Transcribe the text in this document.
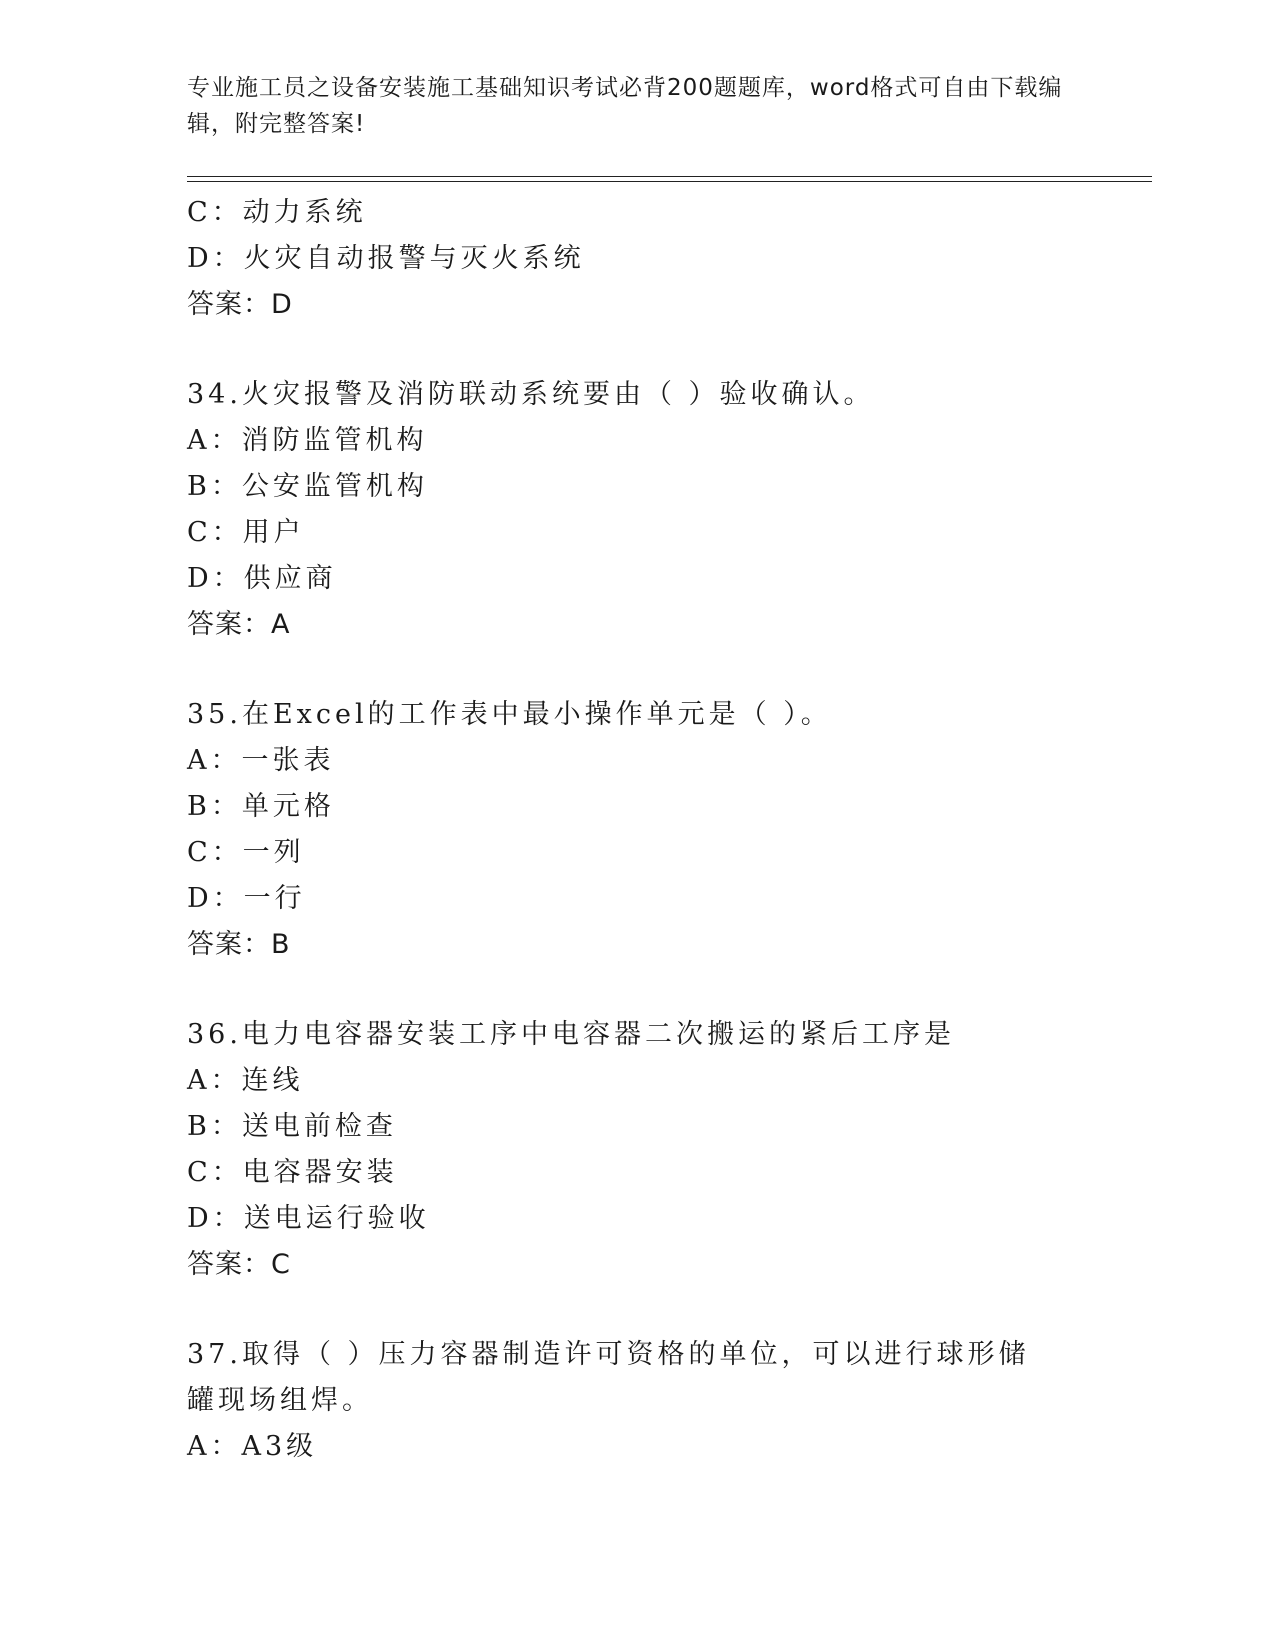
专业施工员之设备安装施工基础知识考试必背200题题库，word格式可自由下载编辑，附完整答案!
C：动力系统
D：火灾自动报警与灭火系统
答案：D
34.火灾报警及消防联动系统要由（ ）验收确认。
A：消防监管机构
B：公安监管机构
C：用户
D：供应商
答案：A
35.在Excel的工作表中最小操作单元是（ ）。
A：一张表
B：单元格
C：一列
D：一行
答案：B
36.电力电容器安装工序中电容器二次搬运的紧后工序是
A：连线
B：送电前检查
C：电容器安装
D：送电运行验收
答案：C
37.取得（ ）压力容器制造许可资格的单位，可以进行球形储罐现场组焊。
A：A3级
